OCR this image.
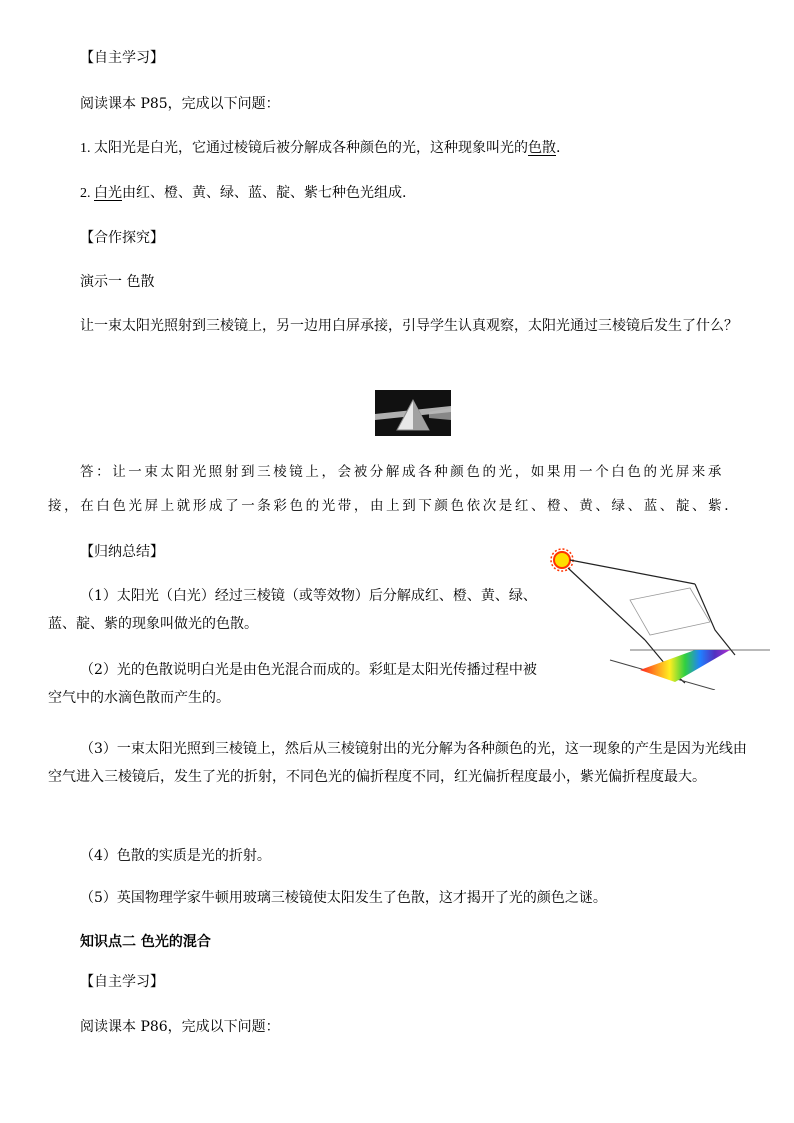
【自主学习】
阅读课本 P85，完成以下问题：
1. 太阳光是白光，它通过棱镜后被分解成各种颜色的光，这种现象叫光的色散.
2. 白光由红、橙、黄、绿、蓝、靛、紫七种色光组成.
【合作探究】
演示一 色散
让一束太阳光照射到三棱镜上，另一边用白屏承接，引导学生认真观察，太阳光通过三棱镜后发生了什么？
答：让一束太阳光照射到三棱镜上，会被分解成各种颜色的光，如果用一个白色的光屏来承接，在白色光屏上就形成了一条彩色的光带，由上到下颜色依次是红、橙、黄、绿、蓝、靛、紫.
【归纳总结】
（1）太阳光（白光）经过三棱镜（或等效物）后分解成红、橙、黄、绿、蓝、靛、紫的现象叫做光的色散。
（2）光的色散说明白光是由色光混合而成的。彩虹是太阳光传播过程中被空气中的水滴色散而产生的。
（3）一束太阳光照到三棱镜上，然后从三棱镜射出的光分解为各种颜色的光，这一现象的产生是因为光线由空气进入三棱镜后，发生了光的折射，不同色光的偏折程度不同，红光偏折程度最小，紫光偏折程度最大。
（4）色散的实质是光的折射。
（5）英国物理学家牛顿用玻璃三棱镜使太阳发生了色散，这才揭开了光的颜色之谜。
知识点二 色光的混合
【自主学习】
阅读课本 P86，完成以下问题：
